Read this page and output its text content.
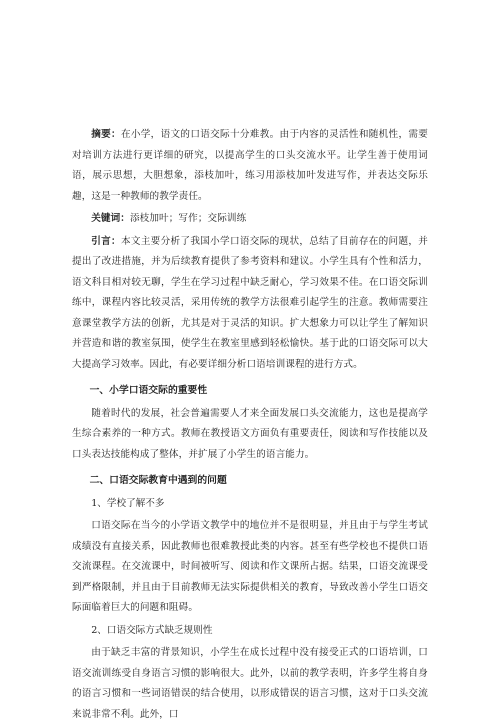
摘要：在小学，语文的口语交际十分难教。由于内容的灵活性和随机性，需要对培训方法进行更详细的研究，以提高学生的口头交流水平。让学生善于使用词语，展示思想，大胆想象，添枝加叶，练习用添枝加叶发进写作，并表达交际乐趣，这是一种教师的教学责任。

关键词：添枝加叶；写作；交际训练

引言：本文主要分析了我国小学口语交际的现状，总结了目前存在的问题，并提出了改进措施，并为后续教育提供了参考资料和建议。小学生具有个性和活力，语文科目相对较无聊，学生在学习过程中缺乏耐心，学习效果不佳。在口语交际训练中，课程内容比较灵活，采用传统的教学方法很难引起学生的注意。教师需要注意课堂教学方法的创新，尤其是对于灵活的知识。扩大想象力可以让学生了解知识并营造和谐的教室氛围，使学生在教室里感到轻松愉快。基于此的口语交际可以大大提高学习效率。因此，有必要详细分析口语培训课程的进行方式。

一、小学口语交际的重要性

随着时代的发展，社会普遍需要人才来全面发展口头交流能力，这也是提高学生综合素养的一种方式。教师在教授语文方面负有重要责任，阅读和写作技能以及口头表达技能构成了整体，并扩展了小学生的语言能力。

二、口语交际教育中遇到的问题
1、学校了解不多

口语交际在当今的小学语文教学中的地位并不是很明显，并且由于与学生考试成绩没有直接关系，因此教师也很难教授此类的内容。甚至有些学校也不提供口语交流课程。在交流课中，时间被听写、阅读和作文课所占据。结果，口语交流课受到严格限制，并且由于目前教师无法实际提供相关的教育，导致改善小学生口语交际面临着巨大的问题和阻碍。

2、口语交际方式缺乏规则性

由于缺乏丰富的背景知识，小学生在成长过程中没有接受正式的口语培训，口语交流训练受自身语言习惯的影响很大。此外，以前的教学表明，许多学生将自身的语言习惯和一些词语错误的结合使用，以形成错误的语言习惯，这对于口头交流来说非常不利。此外，口
